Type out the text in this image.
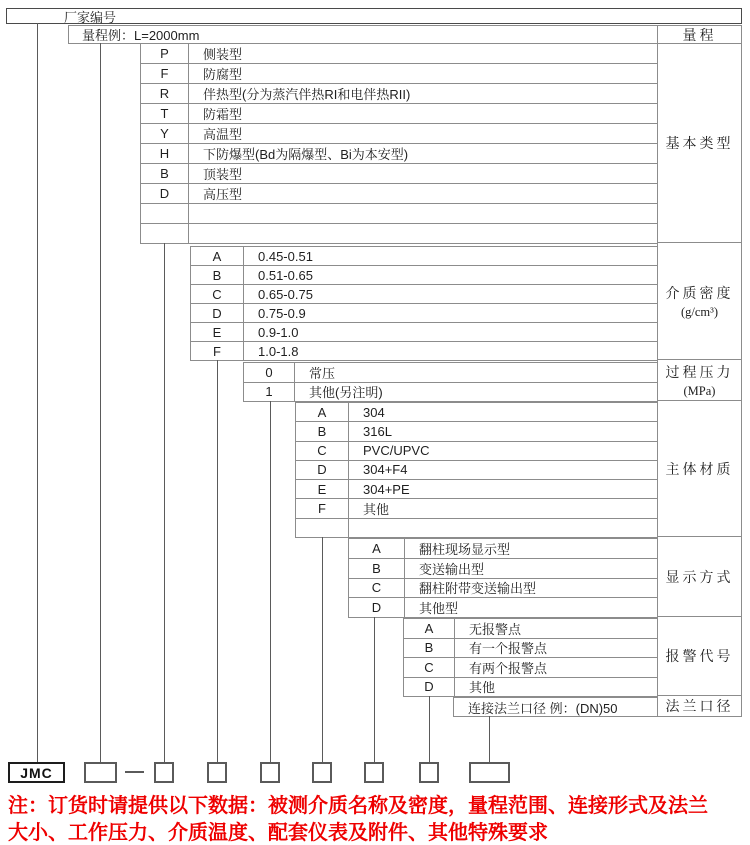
厂家编号
量程例：L=2000mm
P	侧装型
F	防腐型
R	伴热型(分为蒸汽伴热RI和电伴热RII)
T	防霜型
Y	高温型
H	下防爆型(Bd为隔爆型、Bi为本安型)
B	顶装型
D	高压型
A	0.45-0.51
B	0.51-0.65
C	0.65-0.75
D	0.75-0.9
E	0.9-1.0
F	1.0-1.8
0	常压
1	其他(另注明)
A	304
B	316L
C	PVC/UPVC
D	304+F4
E	304+PE
F	其他
A	翻柱现场显示型
B	变送输出型
C	翻柱附带变送输出型
D	其他型
A	无报警点
B	有一个报警点
C	有两个报警点
D	其他
连接法兰口径 例：(DN)50
量程
基本类型
介质密度
(g/cm³)
过程压力
(MPa)
主体材质
显示方式
报警代号
法兰口径
JMC
注：订货时请提供以下数据：被测介质名称及密度，量程范围、连接形式及法兰
大小、工作压力、介质温度、配套仪表及附件、其他特殊要求
